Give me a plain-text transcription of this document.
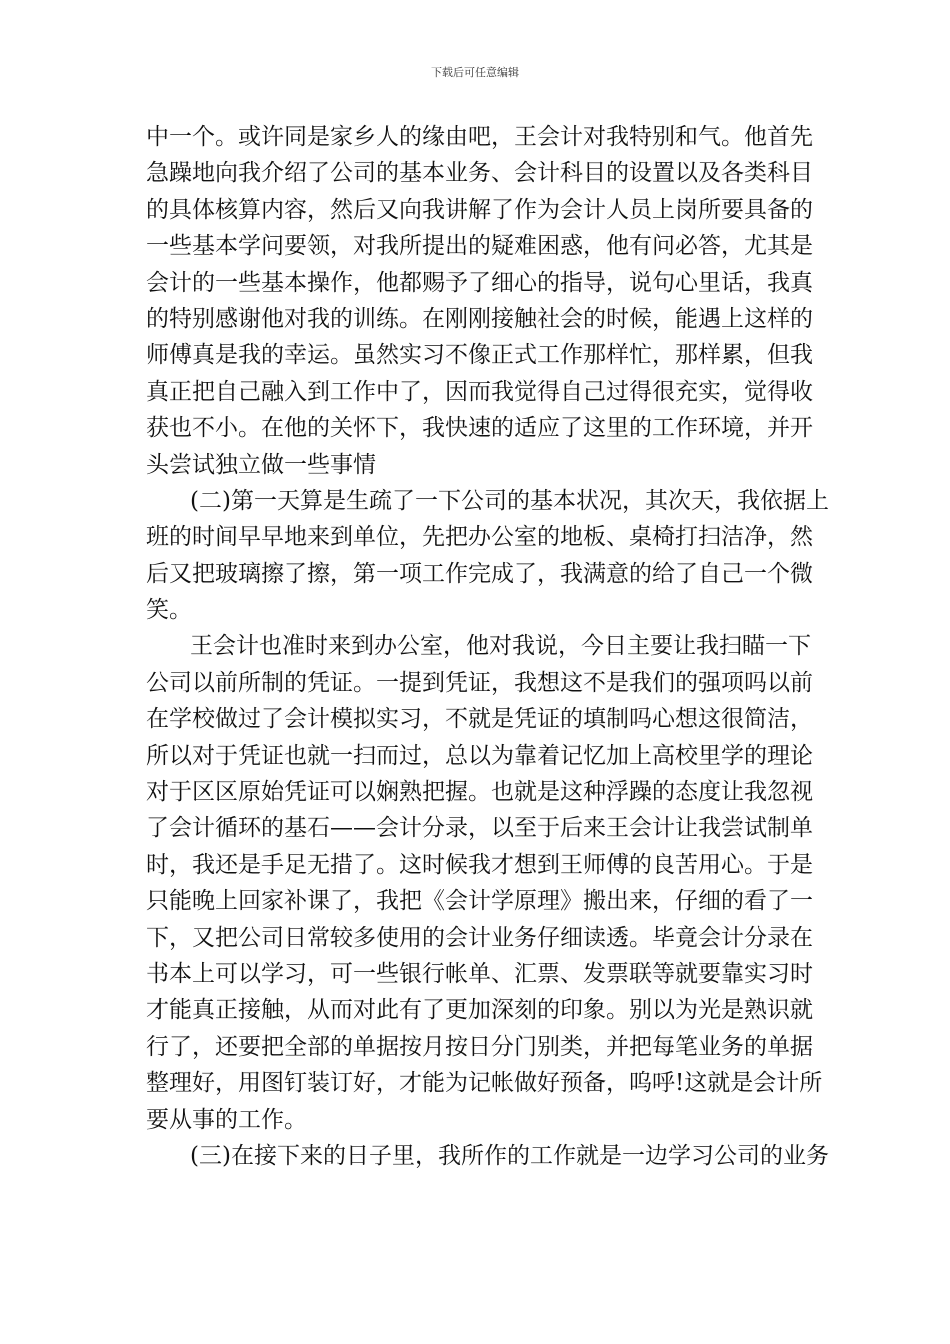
下载后可任意编辑
中一个。或许同是家乡人的缘由吧，王会计对我特别和气。他首先
急躁地向我介绍了公司的基本业务、会计科目的设置以及各类科目
的具体核算内容，然后又向我讲解了作为会计人员上岗所要具备的
一些基本学问要领，对我所提出的疑难困惑，他有问必答，尤其是
会计的一些基本操作，他都赐予了细心的指导，说句心里话，我真
的特别感谢他对我的训练。在刚刚接触社会的时候，能遇上这样的
师傅真是我的幸运。虽然实习不像正式工作那样忙，那样累，但我
真正把自己融入到工作中了，因而我觉得自己过得很充实，觉得收
获也不小。在他的关怀下，我快速的适应了这里的工作环境，并开
头尝试独立做一些事情
(二)第一天算是生疏了一下公司的基本状况，其次天，我依据上
班的时间早早地来到单位，先把办公室的地板、桌椅打扫洁净，然
后又把玻璃擦了擦，第一项工作完成了，我满意的给了自己一个微
笑。
王会计也准时来到办公室，他对我说，今日主要让我扫瞄一下
公司以前所制的凭证。一提到凭证，我想这不是我们的强项吗以前
在学校做过了会计模拟实习，不就是凭证的填制吗心想这很简洁，
所以对于凭证也就一扫而过，总以为靠着记忆加上高校里学的理论
对于区区原始凭证可以娴熟把握。也就是这种浮躁的态度让我忽视
了会计循环的基石——会计分录，以至于后来王会计让我尝试制单
时，我还是手足无措了。这时候我才想到王师傅的良苦用心。于是
只能晚上回家补课了，我把《会计学原理》搬出来，仔细的看了一
下，又把公司日常较多使用的会计业务仔细读透。毕竟会计分录在
书本上可以学习，可一些银行帐单、汇票、发票联等就要靠实习时
才能真正接触，从而对此有了更加深刻的印象。别以为光是熟识就
行了，还要把全部的单据按月按日分门别类，并把每笔业务的单据
整理好，用图钉装订好，才能为记帐做好预备，呜呼!这就是会计所
要从事的工作。
(三)在接下来的日子里，我所作的工作就是一边学习公司的业务
